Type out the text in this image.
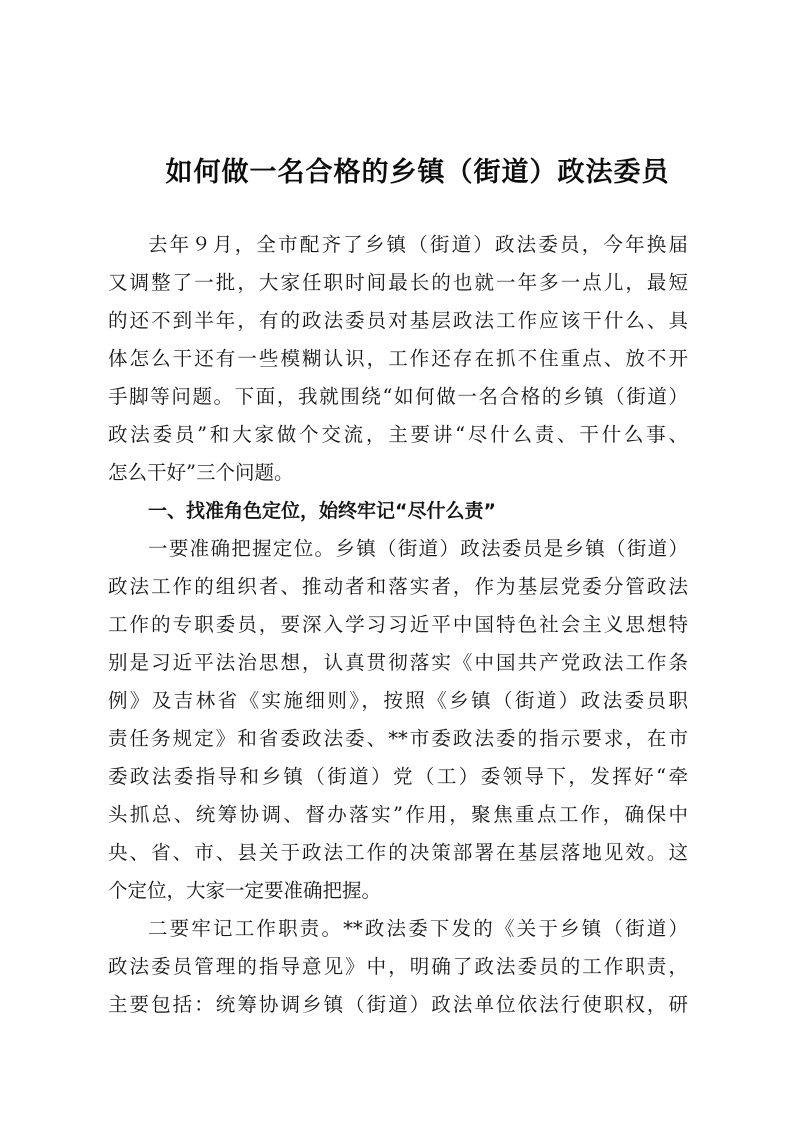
如何做一名合格的乡镇（街道）政法委员
去年９月，全市配齐了乡镇（街道）政法委员，今年换届
又调整了一批，大家任职时间最长的也就一年多一点儿，最短
的还不到半年，有的政法委员对基层政法工作应该干什么、具
体怎么干还有一些模糊认识，工作还存在抓不住重点、放不开
手脚等问题。下面，我就围绕“如何做一名合格的乡镇（街道）
政法委员”和大家做个交流，主要讲“尽什么责、干什么事、
怎么干好”三个问题。
一、找准角色定位，始终牢记“尽什么责”
一要准确把握定位。乡镇（街道）政法委员是乡镇（街道）
政法工作的组织者、推动者和落实者，作为基层党委分管政法
工作的专职委员，要深入学习习近平中国特色社会主义思想特
别是习近平法治思想，认真贯彻落实《中国共产党政法工作条
例》及吉林省《实施细则》，按照《乡镇（街道）政法委员职
责任务规定》和省委政法委、**市委政法委的指示要求，在市
委政法委指导和乡镇（街道）党（工）委领导下，发挥好“牵
头抓总、统筹协调、督办落实”作用，聚焦重点工作，确保中
央、省、市、县关于政法工作的决策部署在基层落地见效。这
个定位，大家一定要准确把握。
二要牢记工作职责。**政法委下发的《关于乡镇（街道）
政法委员管理的指导意见》中，明确了政法委员的工作职责，
主要包括：统筹协调乡镇（街道）政法单位依法行使职权，研
